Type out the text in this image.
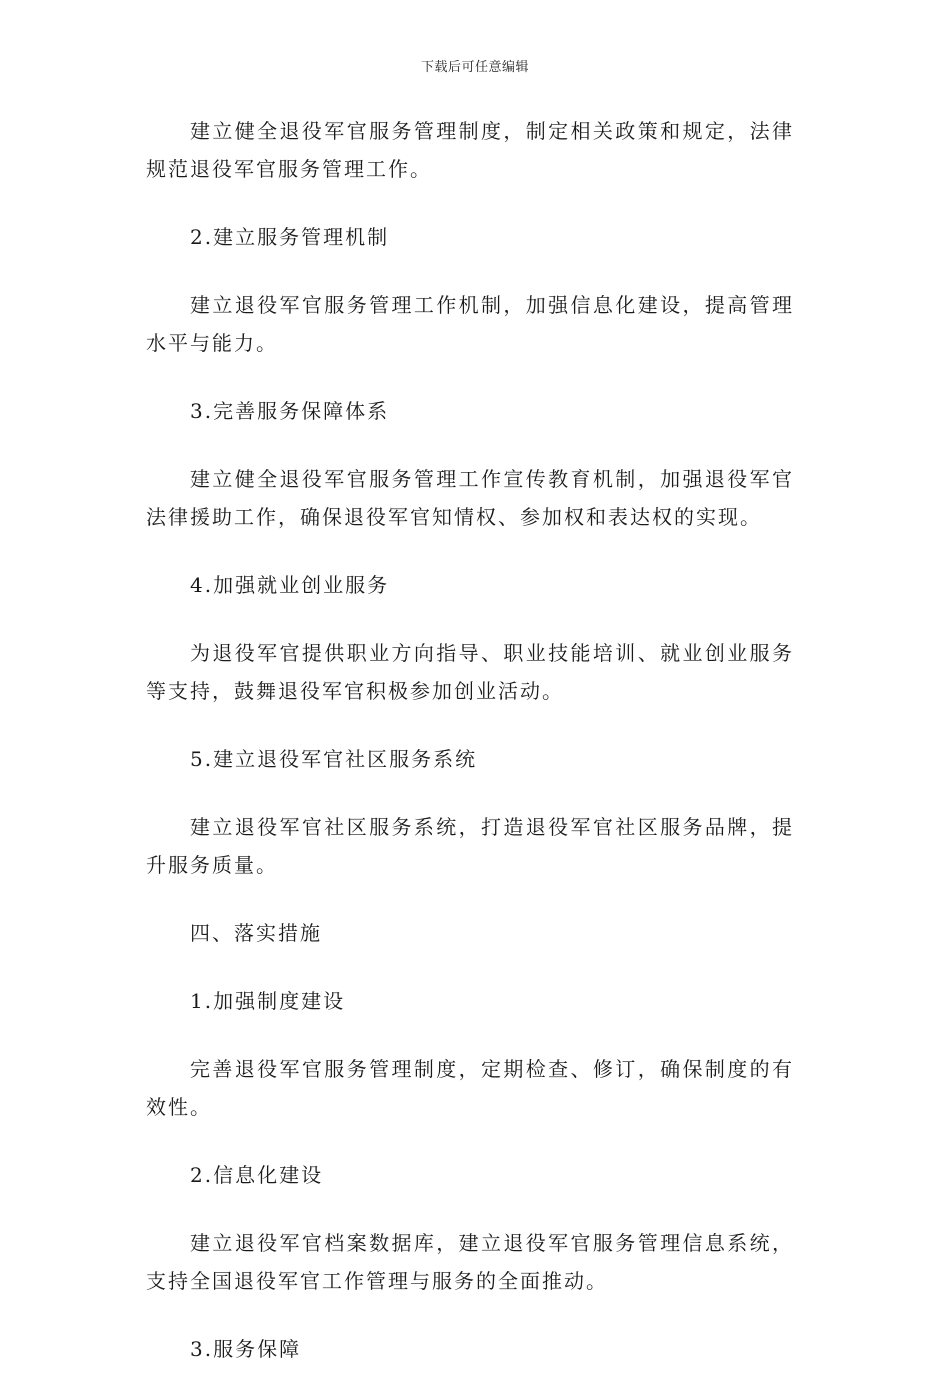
下载后可任意编辑

建立健全退役军官服务管理制度，制定相关政策和规定，法律规范退役军官服务管理工作。

2.建立服务管理机制

建立退役军官服务管理工作机制，加强信息化建设，提高管理水平与能力。

3.完善服务保障体系

建立健全退役军官服务管理工作宣传教育机制，加强退役军官法律援助工作，确保退役军官知情权、参加权和表达权的实现。

4.加强就业创业服务

为退役军官提供职业方向指导、职业技能培训、就业创业服务等支持，鼓舞退役军官积极参加创业活动。

5.建立退役军官社区服务系统

建立退役军官社区服务系统，打造退役军官社区服务品牌，提升服务质量。

四、落实措施

1.加强制度建设

完善退役军官服务管理制度，定期检查、修订，确保制度的有效性。

2.信息化建设

建立退役军官档案数据库，建立退役军官服务管理信息系统，支持全国退役军官工作管理与服务的全面推动。

3.服务保障
